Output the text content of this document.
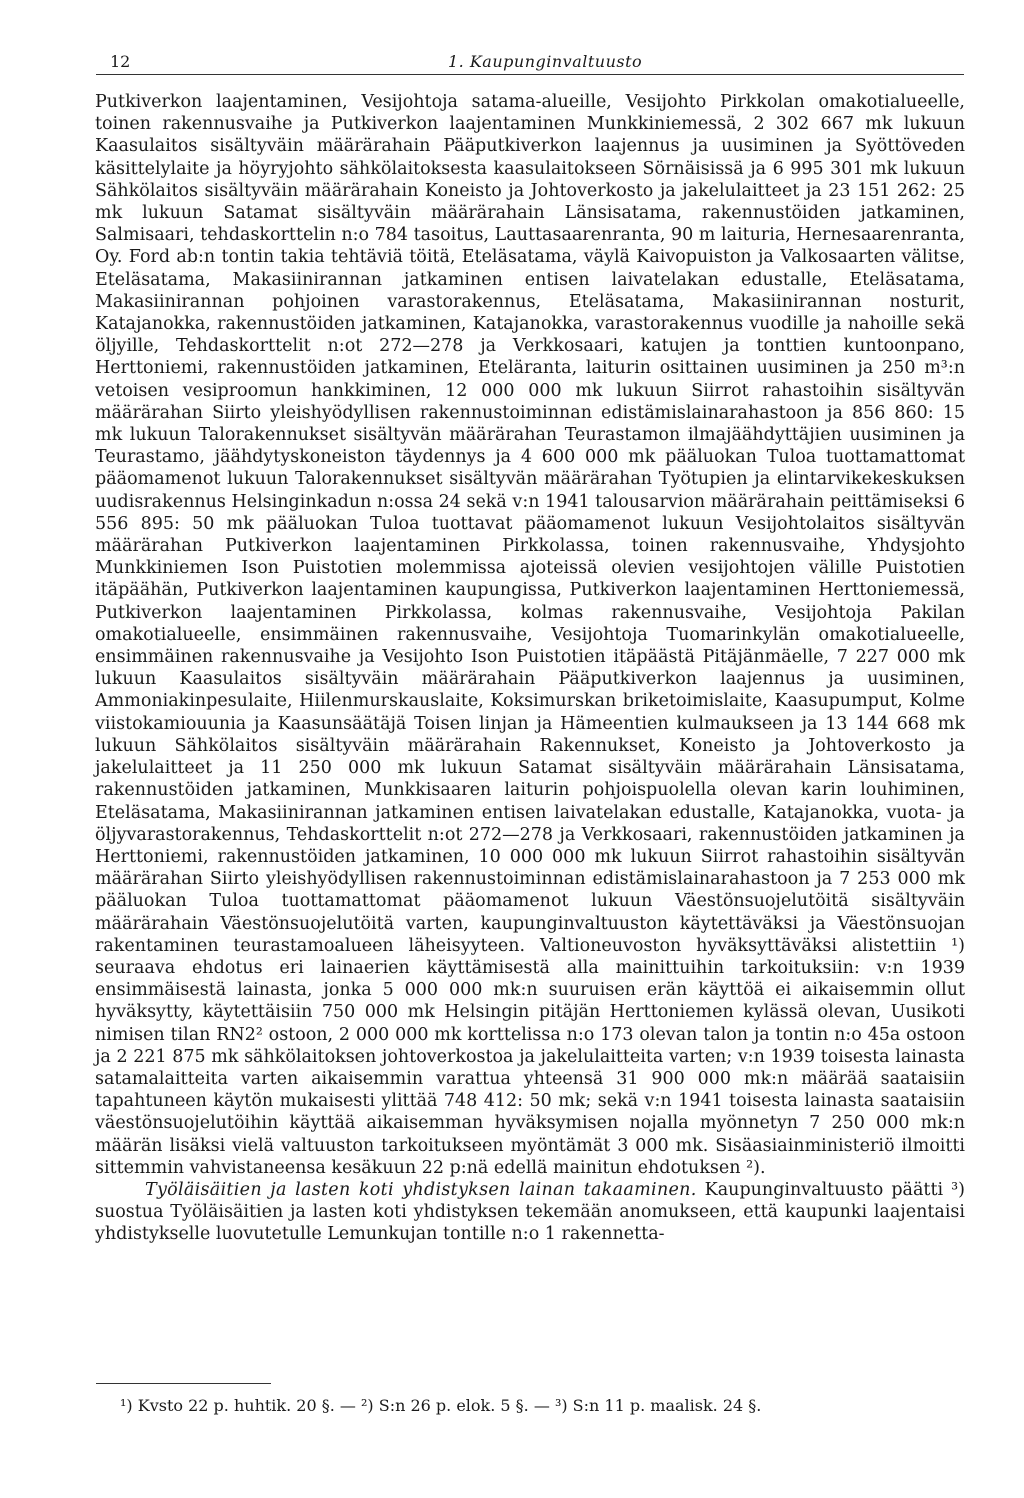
12	1. Kaupunginvaltuusto

Putkiverkon laajentaminen, Vesijohtoja satama-alueille, Vesijohto Pirkkolan omakotialueelle, toinen rakennusvaihe ja Putkiverkon laajentaminen Munkkiniemessä, 2 302 667 mk lukuun Kaasulaitos sisältyväin määrärahain Pääputkiverkon laajennus ja uusiminen ja Syöttöveden käsittelylaite ja höyryjohto sähkölaitoksesta kaasulaitokseen Sörnäisissä ja 6 995 301 mk lukuun Sähkölaitos sisältyväin määrärahain Koneisto ja Johtoverkosto ja jakelulaitteet ja 23 151 262: 25 mk lukuun Satamat sisältyväin määrärahain Länsisatama, rakennustöiden jatkaminen, Salmisaari, tehdaskorttelin n:o 784 tasoitus, Lauttasaarenranta, 90 m laituria, Hernesaarenranta, Oy. Ford ab:n tontin takia tehtäviä töitä, Eteläsatama, väylä Kaivopuiston ja Valkosaarten välitse, Eteläsatama, Makasiinirannan jatkaminen entisen laivatelakan edustalle, Eteläsatama, Makasiinirannan pohjoinen varastorakennus, Eteläsatama, Makasiinirannan nosturit, Katajanokka, rakennustöiden jatkaminen, Katajanokka, varastorakennus vuodille ja nahoille sekä öljyille, Tehdaskorttelit n:ot 272—278 ja Verkkosaari, katujen ja tonttien kuntoonpano, Herttoniemi, rakennustöiden jatkaminen, Eteläranta, laiturin osittainen uusiminen ja 250 m³:n vetoisen vesiproomun hankkiminen, 12 000 000 mk lukuun Siirrot rahastoihin sisältyvän määrärahan Siirto yleishyödyllisen rakennustoiminnan edistämislainarahastoon ja 856 860: 15 mk lukuun Talorakennukset sisältyvän määrärahan Teurastamon ilmajäähdyttäjien uusiminen ja Teurastamo, jäähdytyskoneiston täydennys ja 4 600 000 mk pääluokan Tuloa tuottamattomat pääomamenot lukuun Talorakennukset sisältyvän määrärahan Työtupien ja elintarvikekeskuksen uudisrakennus Helsinginkadun n:ossa 24 sekä v:n 1941 talousarvion määrärahain peittämiseksi 6 556 895: 50 mk pääluokan Tuloa tuottavat pääomamenot lukuun Vesijohtolaitos sisältyvän määrärahan Putkiverkon laajentaminen Pirkkolassa, toinen rakennusvaihe, Yhdysjohto Munkkiniemen Ison Puistotien molemmissa ajoteissä olevien vesijohtojen välille Puistotien itäpäähän, Putkiverkon laajentaminen kaupungissa, Putkiverkon laajentaminen Herttoniemessä, Putkiverkon laajentaminen Pirkkolassa, kolmas rakennusvaihe, Vesijohtoja Pakilan omakotialueelle, ensimmäinen rakennusvaihe, Vesijohtoja Tuomarinkylän omakotialueelle, ensimmäinen rakennusvaihe ja Vesijohto Ison Puistotien itäpäästä Pitäjänmäelle, 7 227 000 mk lukuun Kaasulaitos sisältyväin määrärahain Pääputkiverkon laajennus ja uusiminen, Ammoniakinpesulaite, Hiilenmurskauslaite, Koksimurskan briketoimislaite, Kaasupumput, Kolme viistokamiouunia ja Kaasunsäätäjä Toisen linjan ja Hämeentien kulmaukseen ja 13 144 668 mk lukuun Sähkölaitos sisältyväin määrärahain Rakennukset, Koneisto ja Johtoverkosto ja jakelulaitteet ja 11 250 000 mk lukuun Satamat sisältyväin määrärahain Länsisatama, rakennustöiden jatkaminen, Munkkisaaren laiturin pohjoispuolella olevan karin louhiminen, Eteläsatama, Makasiinirannan jatkaminen entisen laivatelakan edustalle, Katajanokka, vuota- ja öljyvarastorakennus, Tehdaskorttelit n:ot 272—278 ja Verkkosaari, rakennustöiden jatkaminen ja Herttoniemi, rakennustöiden jatkaminen, 10 000 000 mk lukuun Siirrot rahastoihin sisältyvän määrärahan Siirto yleishyödyllisen rakennustoiminnan edistämislainarahastoon ja 7 253 000 mk pääluokan Tuloa tuottamattomat pääomamenot lukuun Väestönsuojelutöitä sisältyväin määrärahain Väestönsuojelutöitä varten, kaupunginvaltuuston käytettäväksi ja Väestönsuojan rakentaminen teurastamoalueen läheisyyteen. Valtioneuvoston hyväksyttäväksi alistettiin ¹) seuraava ehdotus eri lainaerien käyttämisestä alla mainittuihin tarkoituksiin: v:n 1939 ensimmäisestä lainasta, jonka 5 000 000 mk:n suuruisen erän käyttöä ei aikaisemmin ollut hyväksytty, käytettäisiin 750 000 mk Helsingin pitäjän Herttoniemen kylässä olevan, Uusikoti nimisen tilan RN2² ostoon, 2 000 000 mk korttelissa n:o 173 olevan talon ja tontin n:o 45a ostoon ja 2 221 875 mk sähkölaitoksen johtoverkostoa ja jakelulaitteita varten; v:n 1939 toisesta lainasta satamalaitteita varten aikaisemmin varattua yhteensä 31 900 000 mk:n määrää saataisiin tapahtuneen käytön mukaisesti ylittää 748 412: 50 mk; sekä v:n 1941 toisesta lainasta saataisiin väestönsuojelutöihin käyttää aikaisemman hyväksymisen nojalla myönnetyn 7 250 000 mk:n määrän lisäksi vielä valtuuston tarkoitukseen myöntämät 3 000 mk. Sisäasiainministeriö ilmoitti sittemmin vahvistaneensa kesäkuun 22 p:nä edellä mainitun ehdotuksen ²).

Työläisäitien ja lasten koti yhdistyksen lainan takaaminen. Kaupunginvaltuusto päätti ³) suostua Työläisäitien ja lasten koti yhdistyksen tekemään anomukseen, että kaupunki laajentaisi yhdistykselle luovutetulle Lemunkujan tontille n:o 1 rakennetta-

¹) Kvsto 22 p. huhtik. 20 §. — ²) S:n 26 p. elok. 5 §. — ³) S:n 11 p. maalisk. 24 §.
